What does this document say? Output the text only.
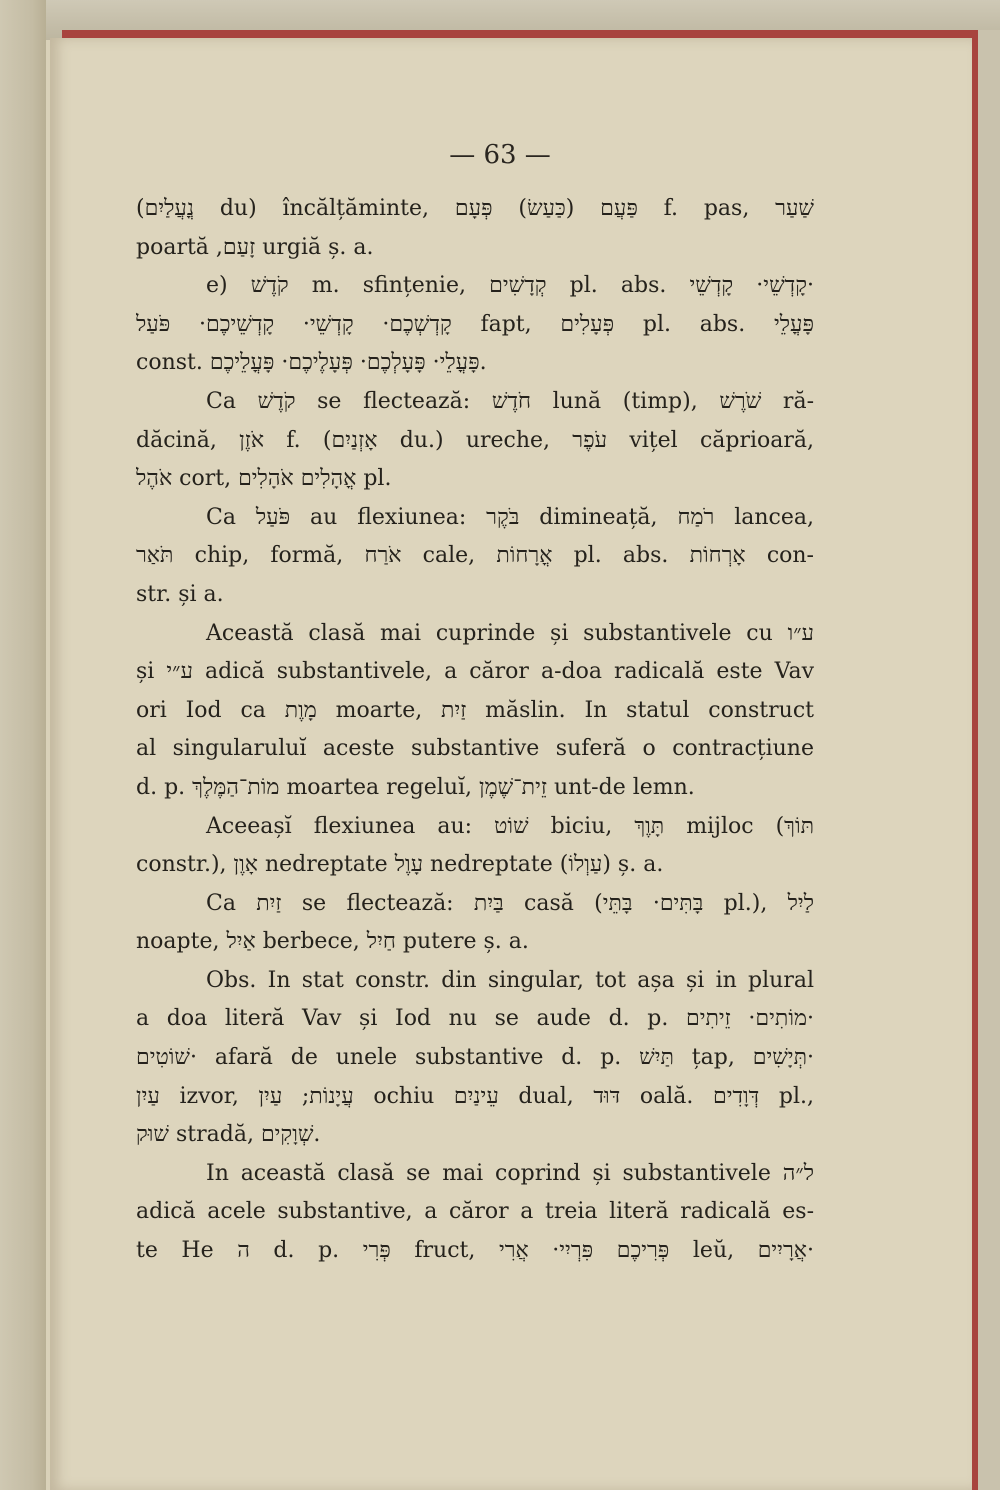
— 63 —
(נֳעֲלַיִם du) încălțăminte, פַּעֲם (כַּעַשׂ) פְּעָם f. pas, שַׁעַר
poartă ,זָעַם urgiă ș. a.
e) קֹדֶשׁ m. sfințenie, קְדָשִׁים pl. abs. קָדְשֵׁי· קָדְשֵׁי·
קָדְשְׁכֶם· קָדְשֵׁי· קָדְשֵׁיכֶם· פֹּעַל fapt, פְּעָלִים pl. abs. פָּעֳלֵי
const. פָּעֳלֵי· פָּעָלְכֶם· פְּעָלֶיכֶם· פָּעֳלֵיכֶם.
Ca קֹדֶשׁ se flectează: חֹדֶשׁ lună (timp), שֹׁרֶשׁ ră-
dăcină, אֹזֶן f. (אָזְנַיִם du.) ureche, עֹפֶר vițel căprioară,
אֹהֶל cort, אֳהָלִים אֹהָלִים pl.
Ca פֹּעַל au flexiunea: בֹּקֶר dimineață, רֹמַח lancea,
תֹּאַר chip, formă, אֹרַח cale, אֳרָחוֹת pl. abs. אָרְחוֹת con-
str. și a.
Această clasă mai cuprinde și substantivele cu ע״ו
și ע״י adică substantivele, a căror a-doa radicală este Vav
ori Iod ca מָוֶת moarte, זַיִת măslin. In statul construct
al singularuluĭ aceste substantive suferă o contracțiune
d. p. מוֹת־הַמֶּלֶךְ moartea regeluĭ, זֵית־שֶׁמֶן unt-de lemn.
Aceeașĭ flexiunea au: שׁוֹט biciu, תָּוֶךְ mijloc (תּוֹךְ
constr.), אָוֶן nedreptate עָוֶל nedreptate (עַוְלוֹ) ș. a.
Ca זַיִת se flectează: בַּיִת casă (בָּתִּים· בָּתֵּי pl.), לַיִל
noapte, אַיִל berbece, חַיִל putere ș. a.
Obs. In stat constr. din singular, tot așa și in plural
a doa literă Vav și Iod nu se aude d. p. מוֹתִים· זֵיתִים·
שׁוֹטִים· afară de unele substantive d. p. תַּיִשׁ țap, תְּיָשִׁים·
עַיִן izvor, עֲיָנוֹת; עַיִן ochiu עֵינַיִם dual, דּוּד oală. דְּוָדִים pl.,
שׁוּק stradă, שְׁוָקִים.
In această clasă se mai coprind și substantivele ל״ה
adică acele substantive, a căror a treia literă radicală es-
te He ה d. p. פְּרִי fruct, פְּרִיכֶם פִּרְיִי· אֲרִי leŭ, אֲרָיִים·
